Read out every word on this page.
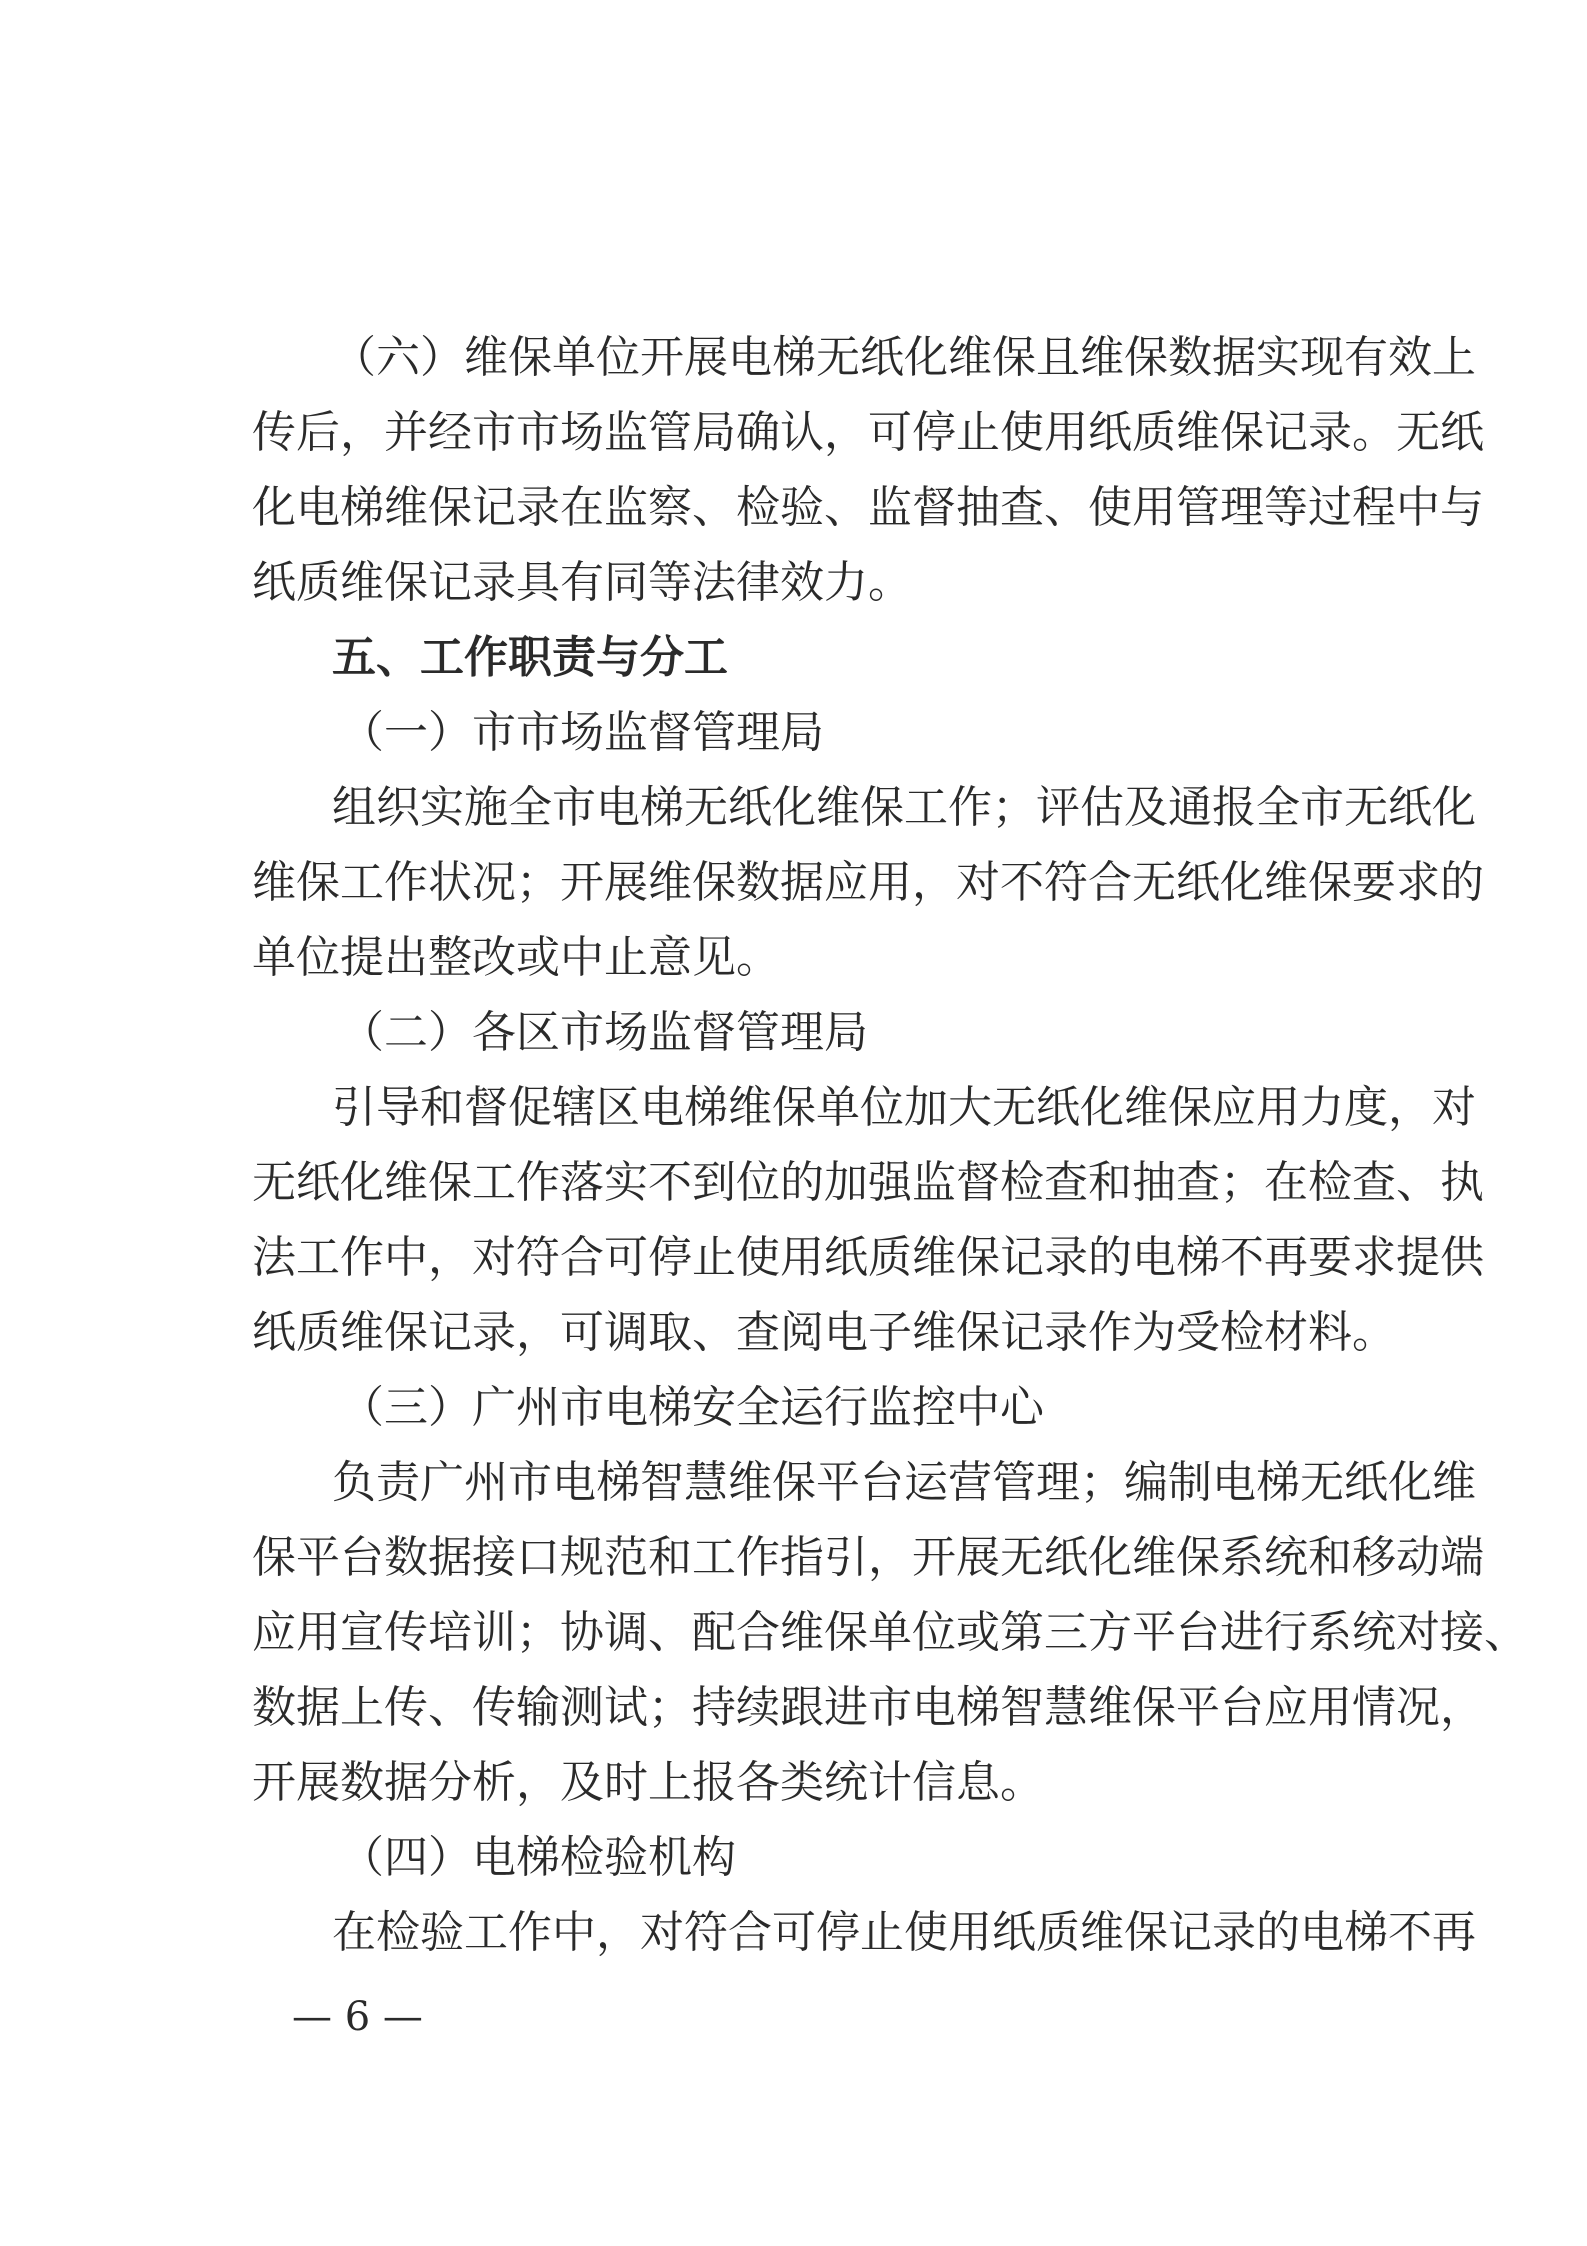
（六）维保单位开展电梯无纸化维保且维保数据实现有效上
传后，并经市市场监管局确认，可停止使用纸质维保记录。无纸
化电梯维保记录在监察、检验、监督抽查、使用管理等过程中与
纸质维保记录具有同等法律效力。
五、工作职责与分工
（一）市市场监督管理局
组织实施全市电梯无纸化维保工作；评估及通报全市无纸化
维保工作状况；开展维保数据应用，对不符合无纸化维保要求的
单位提出整改或中止意见。
（二）各区市场监督管理局
引导和督促辖区电梯维保单位加大无纸化维保应用力度，对
无纸化维保工作落实不到位的加强监督检查和抽查；在检查、执
法工作中，对符合可停止使用纸质维保记录的电梯不再要求提供
纸质维保记录，可调取、查阅电子维保记录作为受检材料。
（三）广州市电梯安全运行监控中心
负责广州市电梯智慧维保平台运营管理；编制电梯无纸化维
保平台数据接口规范和工作指引，开展无纸化维保系统和移动端
应用宣传培训；协调、配合维保单位或第三方平台进行系统对接、
数据上传、传输测试；持续跟进市电梯智慧维保平台应用情况，
开展数据分析，及时上报各类统计信息。
（四）电梯检验机构
在检验工作中，对符合可停止使用纸质维保记录的电梯不再
— 6 —
